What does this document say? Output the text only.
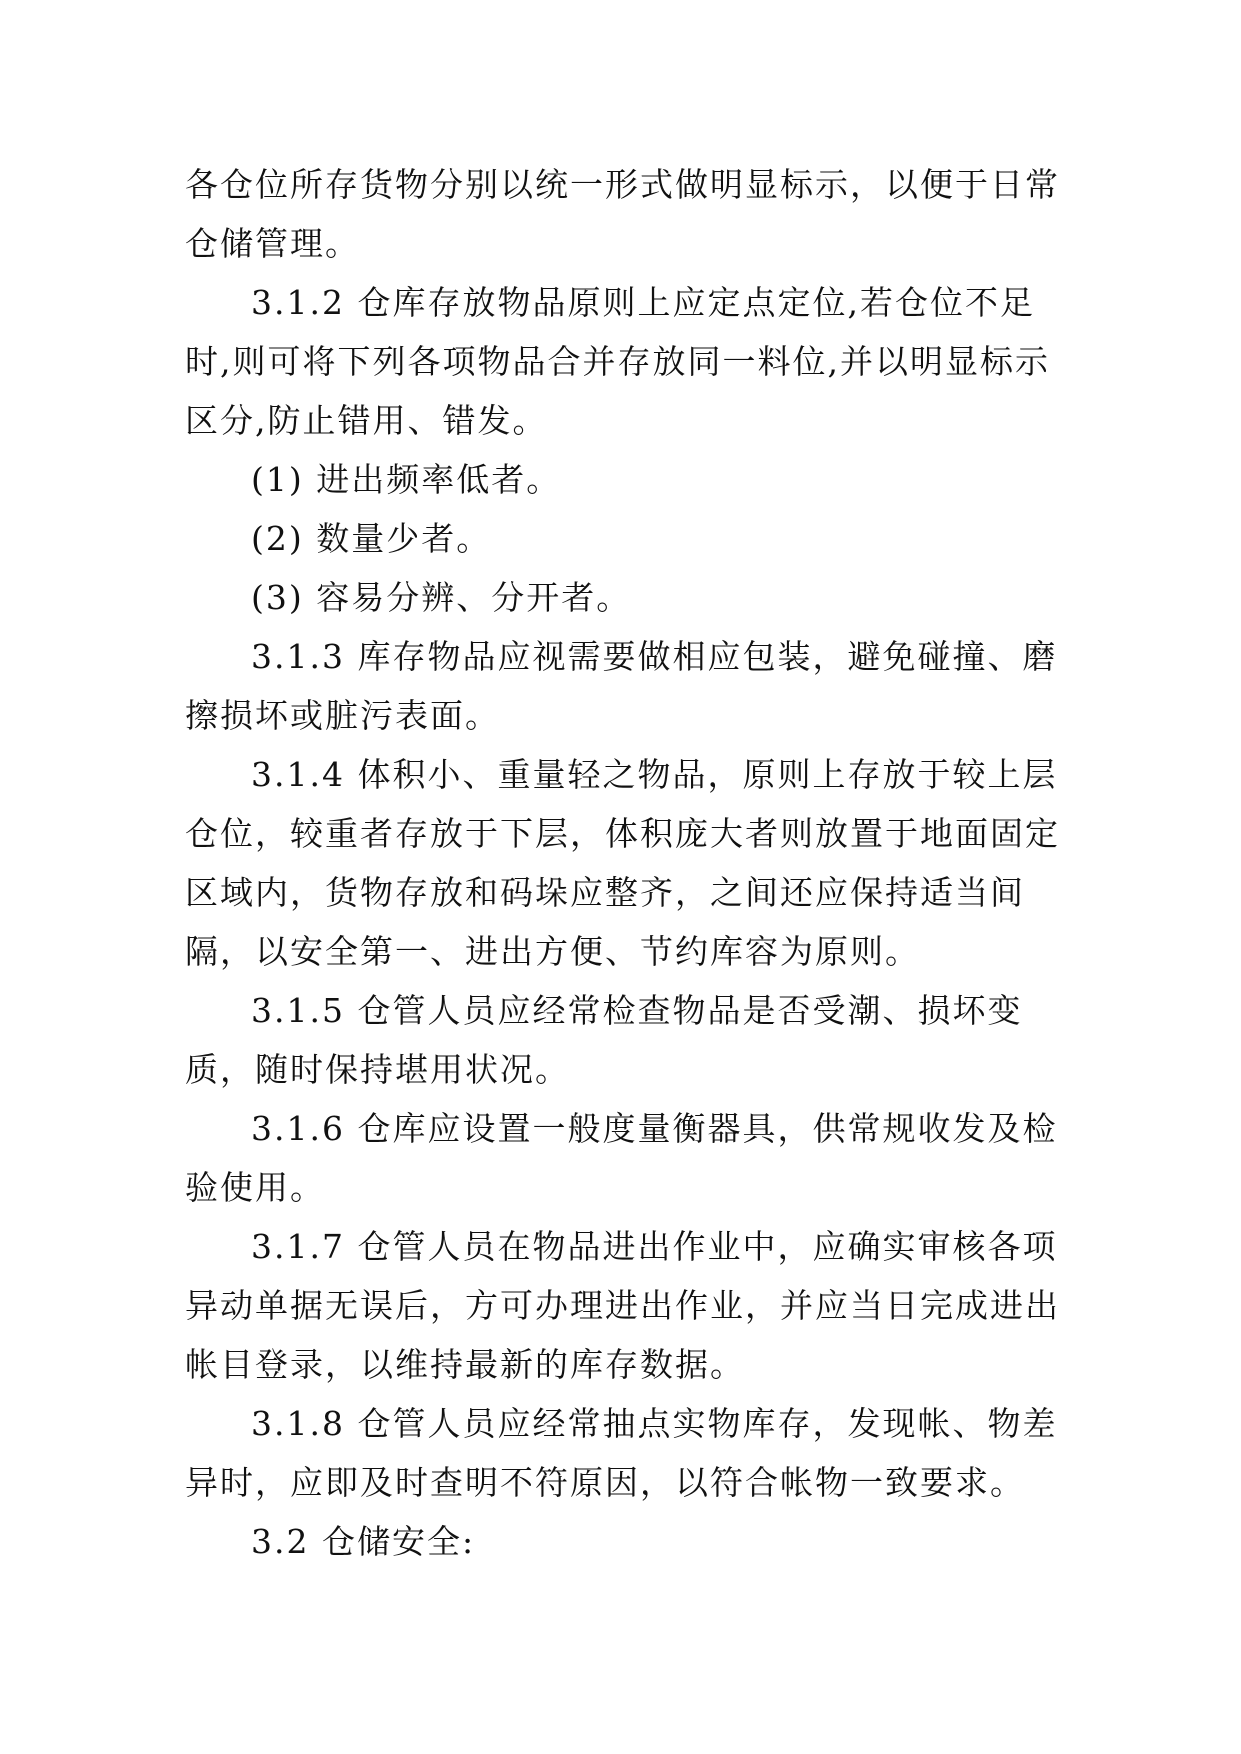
各仓位所存货物分别以统一形式做明显标示，以便于日常仓储管理。

3.1.2 仓库存放物品原则上应定点定位,若仓位不足时,则可将下列各项物品合并存放同一料位,并以明显标示区分,防止错用、错发。

(1) 进出频率低者。

(2) 数量少者。

(3) 容易分辨、分开者。

3.1.3 库存物品应视需要做相应包装，避免碰撞、磨擦损坏或脏污表面。

3.1.4 体积小、重量轻之物品，原则上存放于较上层仓位，较重者存放于下层，体积庞大者则放置于地面固定区域内，货物存放和码垛应整齐，之间还应保持适当间隔，以安全第一、进出方便、节约库容为原则。

3.1.5 仓管人员应经常检查物品是否受潮、损坏变质，随时保持堪用状况。

3.1.6 仓库应设置一般度量衡器具，供常规收发及检验使用。

3.1.7 仓管人员在物品进出作业中，应确实审核各项异动单据无误后，方可办理进出作业，并应当日完成进出帐目登录，以维持最新的库存数据。

3.1.8 仓管人员应经常抽点实物库存，发现帐、物差异时，应即及时查明不符原因，以符合帐物一致要求。

3.2 仓储安全:
